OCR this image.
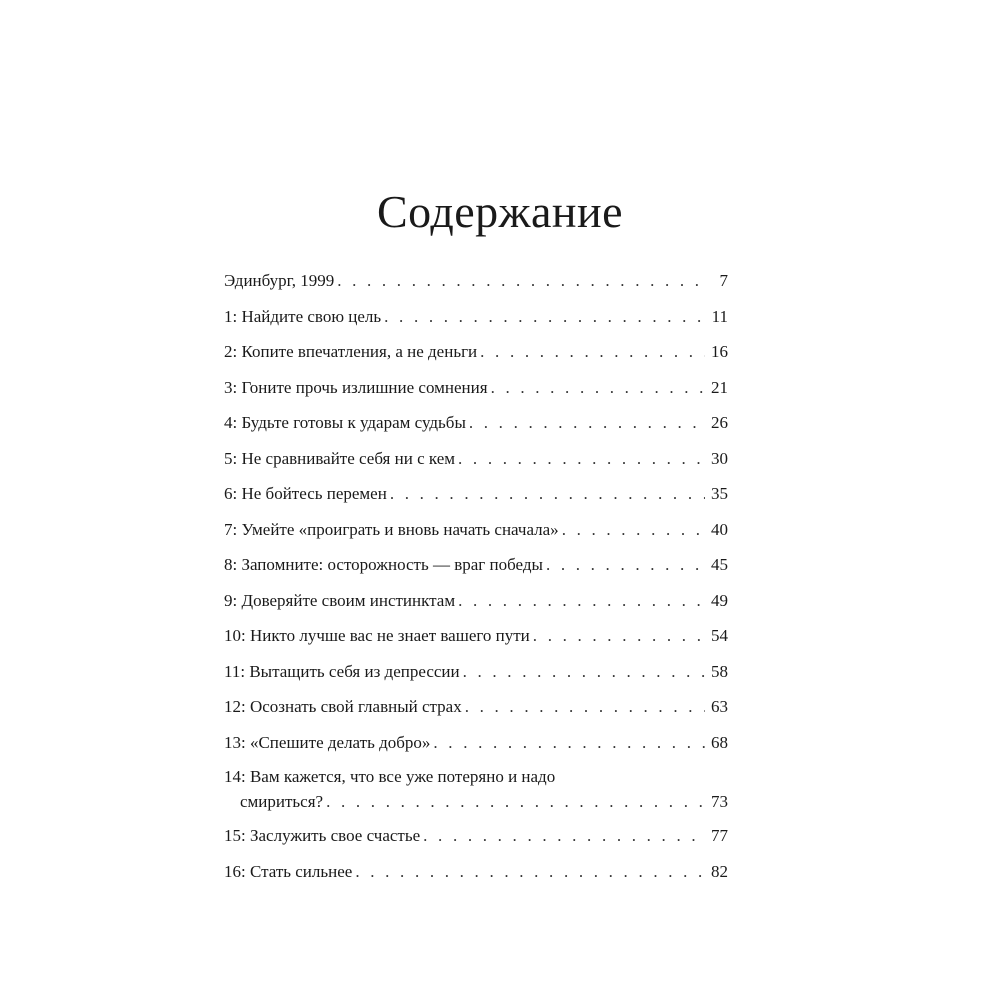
Содержание
Эдинбург, 1999 . . .	7
1: Найдите свою цель . . .	11
2: Копите впечатления, а не деньги . . .	16
3: Гоните прочь излишние сомнения . . .	21
4: Будьте готовы к ударам судьбы . . .	26
5: Не сравнивайте себя ни с кем . . .	30
6: Не бойтесь перемен . . .	35
7: Умейте «проиграть и вновь начать сначала» . . .	40
8: Запомните: осторожность — враг победы . . .	45
9: Доверяйте своим инстинктам . . .	49
10: Никто лучше вас не знает вашего пути . . .	54
11: Вытащить себя из депрессии . . .	58
12: Осознать свой главный страх . . .	63
13: «Спешите делать добро» . . .	68
14: Вам кажется, что все уже потеряно и надо
смириться? . . .	73
15: Заслужить свое счастье . . .	77
16: Стать сильнее . . .	82
